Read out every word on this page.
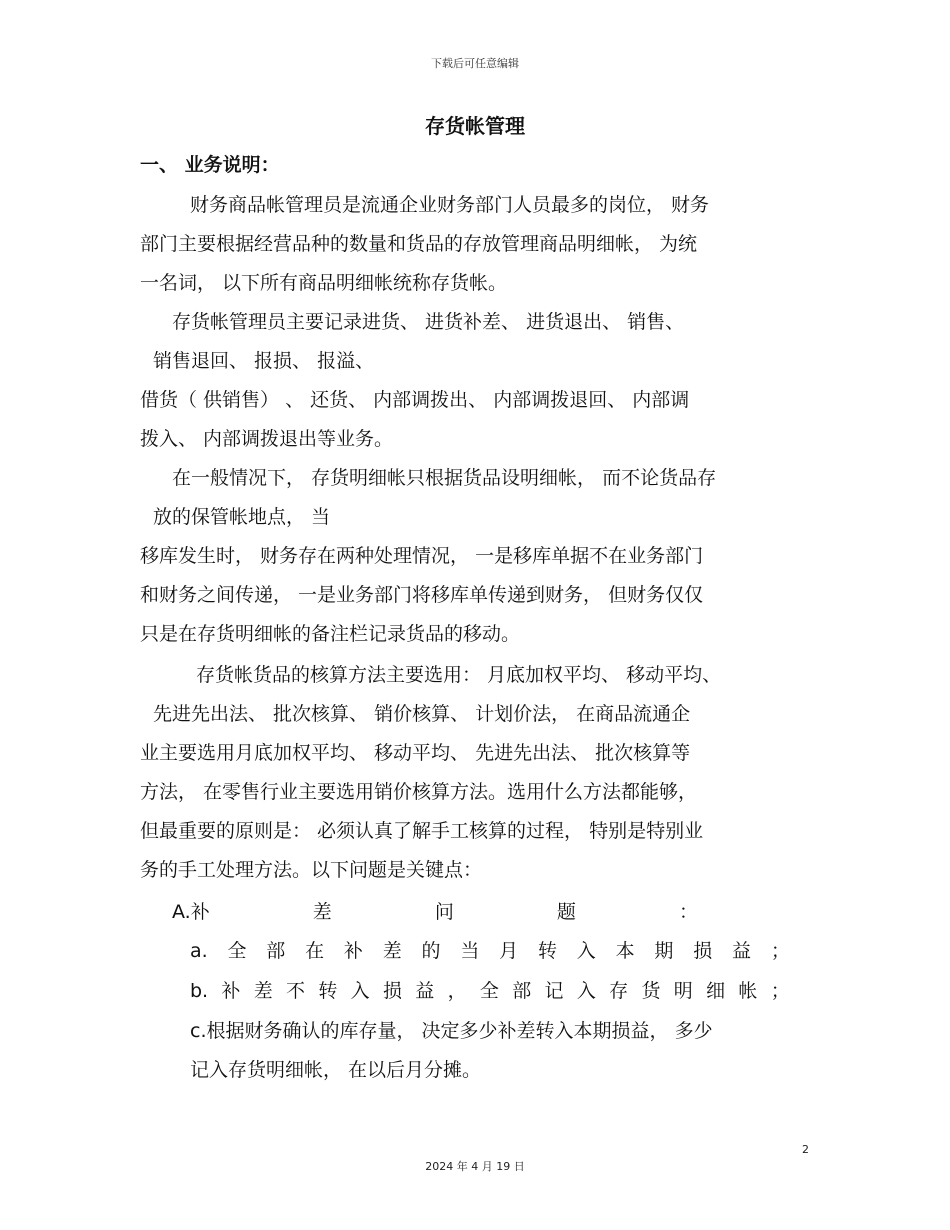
下载后可任意编辑
存货帐管理
一、 业务说明：
财务商品帐管理员是流通企业财务部门人员最多的岗位， 财务
部门主要根据经营品种的数量和货品的存放管理商品明细帐， 为统
一名词， 以下所有商品明细帐统称存货帐。
存货帐管理员主要记录进货、 进货补差、 进货退出、 销售、
销售退回、 报损、 报溢、
借货（ 供销售） 、 还货、 内部调拨出、 内部调拨退回、 内部调
拨入、 内部调拨退出等业务。
在一般情况下， 存货明细帐只根据货品设明细帐， 而不论货品存
放的保管帐地点， 当
移库发生时， 财务存在两种处理情况， 一是移库单据不在业务部门
和财务之间传递， 一是业务部门将移库单传递到财务， 但财务仅仅
只是在存货明细帐的备注栏记录货品的移动。
存货帐货品的核算方法主要选用： 月底加权平均、 移动平均、
先进先出法、 批次核算、 销价核算、 计划价法， 在商品流通企
业主要选用月底加权平均、 移动平均、 先进先出法、 批次核算等
方法， 在零售行业主要选用销价核算方法。选用什么方法都能够，
但最重要的原则是： 必须认真了解手工核算的过程， 特别是特别业
务的手工处理方法。以下问题是关键点：
A.补	差	问	题	：
a. 全 部 在 补 差 的 当 月 转 入 本 期 损 益 ；
b. 补 差 不 转 入 损 益 ， 全 部 记 入 存 货 明 细 帐 ；
c.根据财务确认的库存量， 决定多少补差转入本期损益， 多少
记入存货明细帐， 在以后月分摊。
2
2024 年 4 月 19 日
